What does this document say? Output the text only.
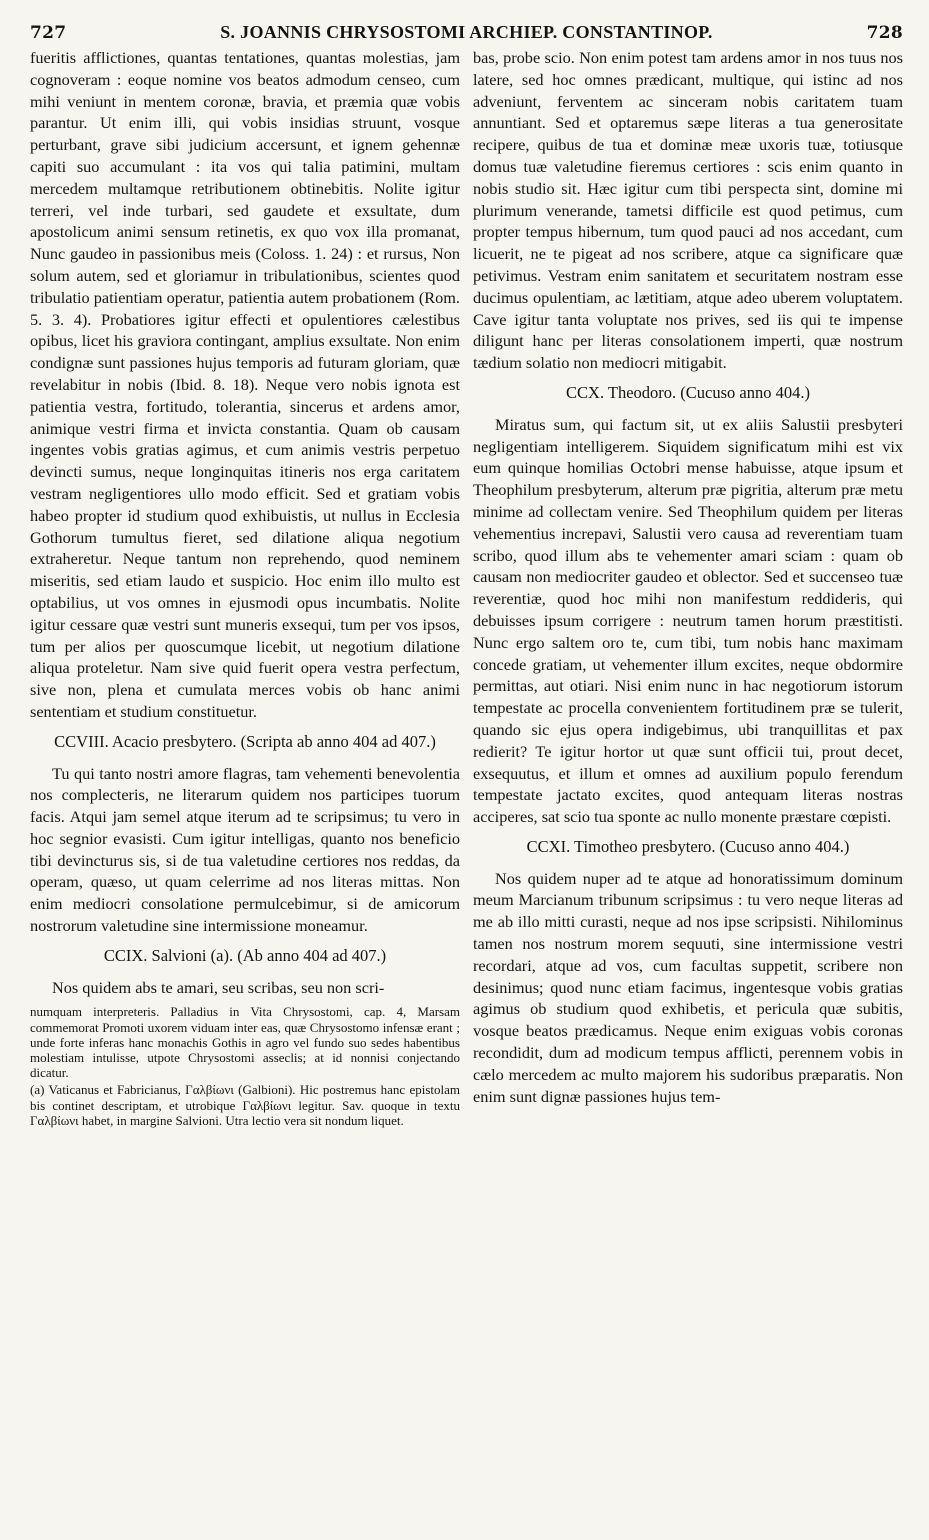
727	S. JOANNIS CHRYSOSTOMI ARCHIEP. CONSTANTINOP.	728

fueritis afflictiones, quantas tentationes, quantas molestias, jam cognoveram : eoque nomine vos beatos admodum censeo, cum mihi veniunt in mentem coronæ, bravia, et præmia quæ vobis parantur. Ut enim illi, qui vobis insidias struunt, vosque perturbant, grave sibi judicium accersunt, et ignem gehennæ capiti suo accumulant : ita vos qui talia patimini, multam mercedem multamque retributionem obtinebitis. Nolite igitur terreri, vel inde turbari, sed gaudete et exsultate, dum apostolicum animi sensum retinetis, ex quo vox illa promanat, Nunc gaudeo in passionibus meis (Coloss. 1. 24) : et rursus, Non solum autem, sed et gloriamur in tribulationibus, scientes quod tribulatio patientiam operatur, patientia autem probationem (Rom. 5. 3. 4). Probatiores igitur effecti et opulentiores cælestibus opibus, licet his graviora contingant, amplius exsultate. Non enim condignæ sunt passiones hujus temporis ad futuram gloriam, quæ revelabitur in nobis (Ibid. 8. 18). Neque vero nobis ignota est patientia vestra, fortitudo, tolerantia, sincerus et ardens amor, animique vestri firma et invicta constantia. Quam ob causam ingentes vobis gratias agimus, et cum animis vestris perpetuo devincti sumus, neque longinquitas itineris nos erga caritatem vestram negligentiores ullo modo efficit. Sed et gratiam vobis habeo propter id studium quod exhibuistis, ut nullus in Ecclesia Gothorum tumultus fieret, sed dilatione aliqua negotium extraheretur. Neque tantum non reprehendo, quod neminem miseritis, sed etiam laudo et suspicio. Hoc enim illo multo est optabilius, ut vos omnes in ejusmodi opus incumbatis. Nolite igitur cessare quæ vestri sunt muneris exsequi, tum per vos ipsos, tum per alios per quoscumque licebit, ut negotium dilatione aliqua proteletur. Nam sive quid fuerit opera vestra perfectum, sive non, plena et cumulata merces vobis ob hanc animi sententiam et studium constituetur.

CCVIII. Acacio presbytero. (Scripta ab anno 404 ad 407.)

Tu qui tanto nostri amore flagras, tam vehementi benevolentia nos complecteris, ne literarum quidem nos participes tuorum facis. Atqui jam semel atque iterum ad te scripsimus; tu vero in hoc segnior evasisti. Cum igitur intelligas, quanto nos beneficio tibi devincturus sis, si de tua valetudine certiores nos reddas, da operam, quæso, ut quam celerrime ad nos literas mittas. Non enim mediocri consolatione permulcebimur, si de amicorum nostrorum valetudine sine intermissione moneamur.

CCIX. Salvioni (a). (Ab anno 404 ad 407.)

Nos quidem abs te amari, seu scribas, seu non scri-

numquam interpreteris. Palladius in Vita Chrysostomi, cap. 4, Marsam commemorat Promoti uxorem viduam inter eas, quæ Chrysostomo infensæ erant ; unde forte inferas hanc monachis Gothis in agro vel fundo suo sedes habentibus molestiam intulisse, utpote Chrysostomi asseclis; at id nonnisi conjectando dicatur.

(a) Vaticanus et Fabricianus, Γαλβίωνι (Galbioni). Hic postremus hanc epistolam bis continet descriptam, et utrobique Γαλβίωνι legitur. Sav. quoque in textu Γαλβίωνι habet, in margine Salvioni. Utra lectio vera sit nondum liquet.

bas, probe scio. Non enim potest tam ardens amor in nos tuus nos latere, sed hoc omnes prædicant, multique, qui istinc ad nos adveniunt, ferventem ac sinceram nobis caritatem tuam annuntiant. Sed et optaremus sæpe literas a tua generositate recipere, quibus de tua et dominæ meæ uxoris tuæ, totiusque domus tuæ valetudine fieremus certiores : scis enim quanto in nobis studio sit. Hæc igitur cum tibi perspecta sint, domine mi plurimum venerande, tametsi difficile est quod petimus, cum propter tempus hibernum, tum quod pauci ad nos accedant, cum licuerit, ne te pigeat ad nos scribere, atque ca significare quæ petivimus. Vestram enim sanitatem et securitatem nostram esse ducimus opulentiam, ac lætitiam, atque adeo uberem voluptatem. Cave igitur tanta voluptate nos prives, sed iis qui te impense diligunt hanc per literas consolationem imperti, quæ nostrum tædium solatio non mediocri mitigabit.

CCX. Theodoro. (Cucuso anno 404.)

Miratus sum, qui factum sit, ut ex aliis Salustii presbyteri negligentiam intelligerem. Siquidem significatum mihi est vix eum quinque homilias Octobri mense habuisse, atque ipsum et Theophilum presbyterum, alterum præ pigritia, alterum præ metu minime ad collectam venire. Sed Theophilum quidem per literas vehementius increpavi, Salustii vero causa ad reverentiam tuam scribo, quod illum abs te vehementer amari sciam : quam ob causam non mediocriter gaudeo et oblector. Sed et succenseo tuæ reverentiæ, quod hoc mihi non manifestum reddideris, qui debuisses ipsum corrigere : neutrum tamen horum præstitisti. Nunc ergo saltem oro te, cum tibi, tum nobis hanc maximam concede gratiam, ut vehementer illum excites, neque obdormire permittas, aut otiari. Nisi enim nunc in hac negotiorum istorum tempestate ac procella convenientem fortitudinem præ se tulerit, quando sic ejus opera indigebimus, ubi tranquillitas et pax redierit? Te igitur hortor ut quæ sunt officii tui, prout decet, exsequutus, et illum et omnes ad auxilium populo ferendum tempestate jactato excites, quod antequam literas nostras acciperes, sat scio tua sponte ac nullo monente præstare cœpisti.

CCXI. Timotheo presbytero. (Cucuso anno 404.)

Nos quidem nuper ad te atque ad honoratissimum dominum meum Marcianum tribunum scripsimus : tu vero neque literas ad me ab illo mitti curasti, neque ad nos ipse scripsisti. Nihilominus tamen nos nostrum morem sequuti, sine intermissione vestri recordari, atque ad vos, cum facultas suppetit, scribere non desinimus; quod nunc etiam facimus, ingentesque vobis gratias agimus ob studium quod exhibetis, et pericula quæ subitis, vosque beatos prædicamus. Neque enim exiguas vobis coronas recondidit, dum ad modicum tempus afflicti, perennem vobis in cælo mercedem ac multo majorem his sudoribus præparatis. Non enim sunt dignæ passiones hujus tem-
